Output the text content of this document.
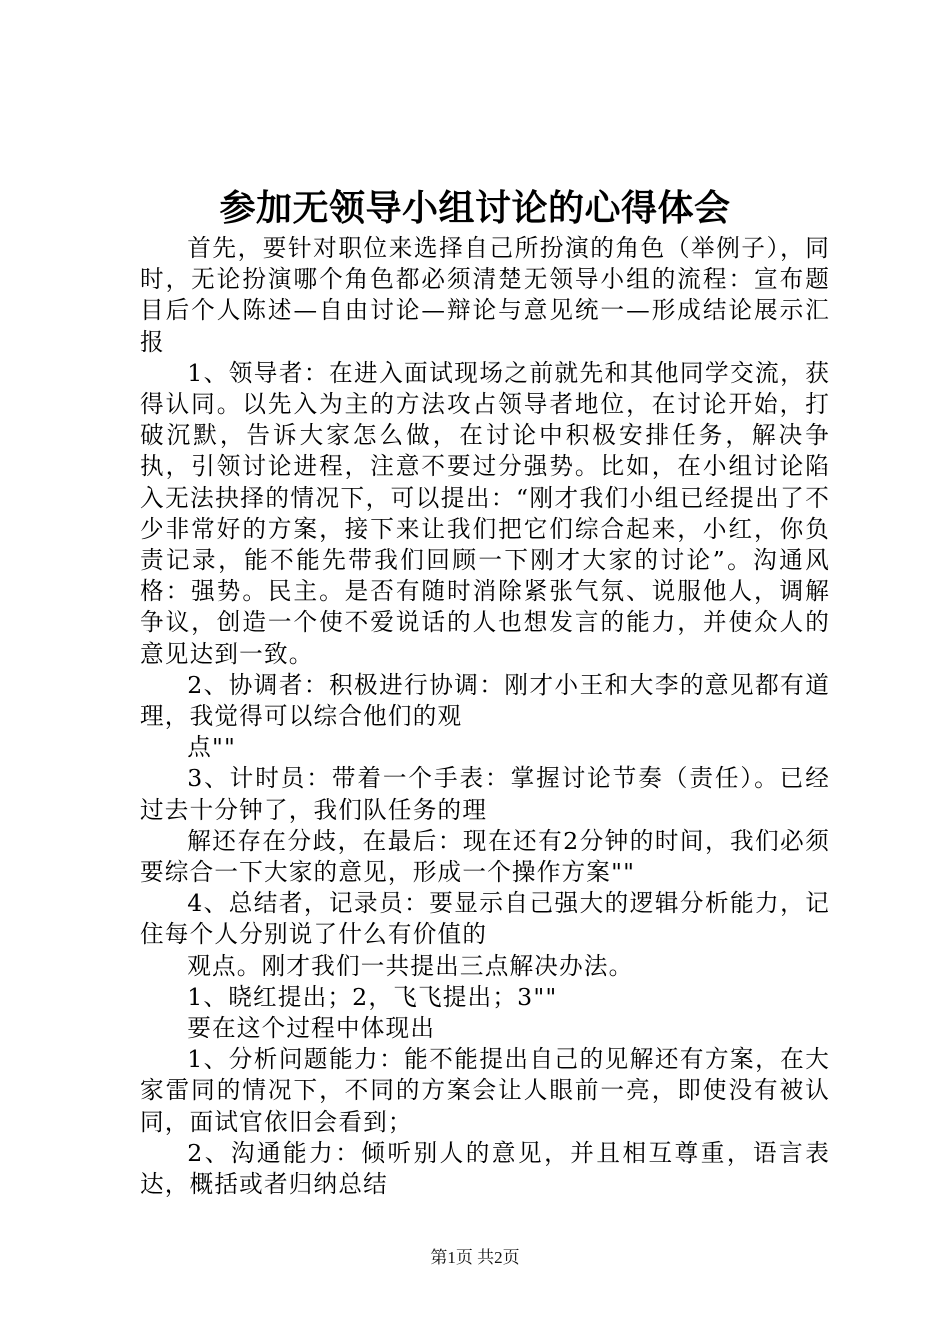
参加无领导小组讨论的心得体会

首先，要针对职位来选择自己所扮演的角色（举例子），同时，无论扮演哪个角色都必须清楚无领导小组的流程：宣布题目后个人陈述—自由讨论—辩论与意见统一—形成结论展示汇报

1、领导者：在进入面试现场之前就先和其他同学交流，获得认同。以先入为主的方法攻占领导者地位，在讨论开始，打破沉默，告诉大家怎么做，在讨论中积极安排任务，解决争执，引领讨论进程，注意不要过分强势。比如，在小组讨论陷入无法抉择的情况下，可以提出：“刚才我们小组已经提出了不少非常好的方案，接下来让我们把它们综合起来，小红，你负责记录，能不能先带我们回顾一下刚才大家的讨论”。沟通风格：强势。民主。是否有随时消除紧张气氛、说服他人，调解争议，创造一个使不爱说话的人也想发言的能力，并使众人的意见达到一致。

2、协调者：积极进行协调：刚才小王和大李的意见都有道理，我觉得可以综合他们的观

点""

3、计时员：带着一个手表：掌握讨论节奏（责任）。已经过去十分钟了，我们队任务的理

解还存在分歧，在最后：现在还有2分钟的时间，我们必须要综合一下大家的意见，形成一个操作方案""

4、总结者，记录员：要显示自己强大的逻辑分析能力，记住每个人分别说了什么有价值的

观点。刚才我们一共提出三点解决办法。

1、晓红提出；2，飞飞提出；3""

要在这个过程中体现出

1、分析问题能力：能不能提出自己的见解还有方案，在大家雷同的情况下，不同的方案会让人眼前一亮，即使没有被认同，面试官依旧会看到；

2、沟通能力：倾听别人的意见，并且相互尊重，语言表达，概括或者归纳总结

第1页 共2页
